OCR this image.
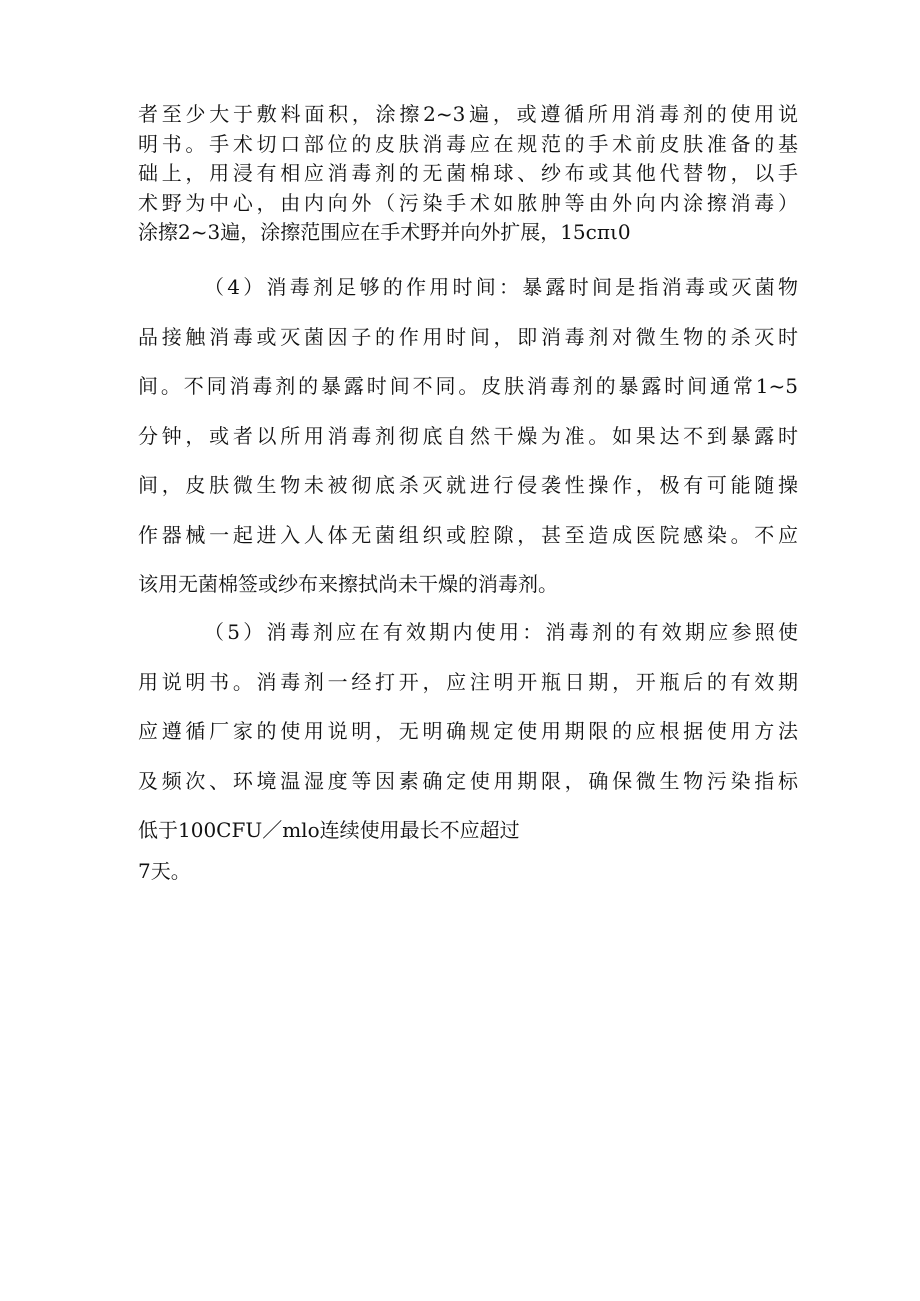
者至少大于敷料面积，涂擦2~3遍，或遵循所用消毒剂的使用说
明书。手术切口部位的皮肤消毒应在规范的手术前皮肤准备的基
础上，用浸有相应消毒剂的无菌棉球、纱布或其他代替物，以手
术野为中心，由内向外（污染手术如脓肿等由外向内涂擦消毒）
涂擦2~3遍，涂擦范围应在手术野并向外扩展，15cπι0
（4）消毒剂足够的作用时间：暴露时间是指消毒或灭菌物
品接触消毒或灭菌因子的作用时间，即消毒剂对微生物的杀灭时
间。不同消毒剂的暴露时间不同。皮肤消毒剂的暴露时间通常1~5
分钟，或者以所用消毒剂彻底自然干燥为准。如果达不到暴露时
间，皮肤微生物未被彻底杀灭就进行侵袭性操作，极有可能随操
作器械一起进入人体无菌组织或腔隙，甚至造成医院感染。不应
该用无菌棉签或纱布来擦拭尚未干燥的消毒剂。
（5）消毒剂应在有效期内使用：消毒剂的有效期应参照使
用说明书。消毒剂一经打开，应注明开瓶日期，开瓶后的有效期
应遵循厂家的使用说明，无明确规定使用期限的应根据使用方法
及频次、环境温湿度等因素确定使用期限，确保微生物污染指标
低于100CFU／mlo连续使用最长不应超过
7天。
